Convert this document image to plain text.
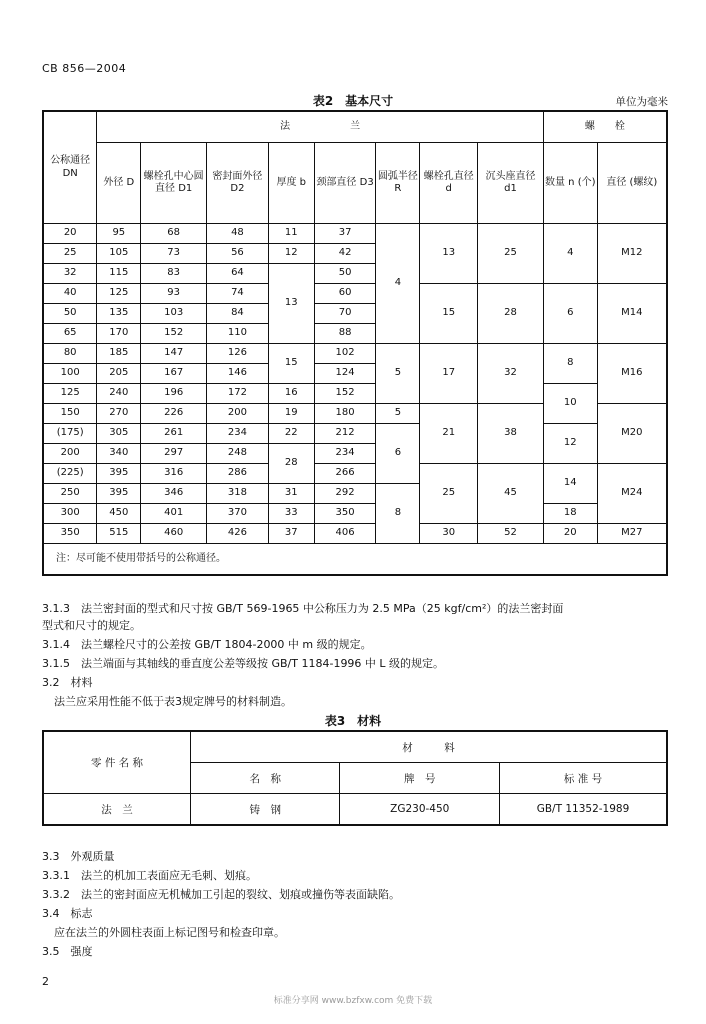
CB 856—2004
表2　基本尺寸	单位为毫米
公称通径 DN	法　　　　　　兰								螺　　栓	
	外径 D	螺栓孔中心圆直径 D1	密封面外径 D2	厚度 b	颈部直径 D3	圆弧半径 R	螺栓孔直径 d	沉头座直径 d1	数量 n (个)	直径 (螺纹)
20	95	68	48	11	37	4	13	25	4	M12
25	105	73	56	12	42					
32	115	83	64	13	50					
40	125	93	74		60		15	28	6	M14
50	135	103	84		70					
65	170	152	110		88					
80	185	147	126	15	102	5	17	32	8	M16
100	205	167	146		124					
125	240	196	172	16	152				10	
150	270	226	200	19	180	5	21	38		M20
(175)	305	261	234	22	212	6			12	
200	340	297	248	28	234					
(225)	395	316	286		266		25	45	14	M24
250	395	346	318	31	292	8				
300	450	401	370	33	350				18	
350	515	460	426	37	406		30	52	20	M27
注：尽可能不使用带括号的公称通径。										
3.1.3　法兰密封面的型式和尺寸按 GB/T 569-1965 中公称压力为 2.5 MPa（25 kgf/cm²）的法兰密封面
型式和尺寸的规定。
3.1.4　法兰螺栓尺寸的公差按 GB/T 1804-2000 中 m 级的规定。
3.1.5　法兰端面与其轴线的垂直度公差等级按 GB/T 1184-1996 中 L 级的规定。
3.2　材料
法兰应采用性能不低于表3规定牌号的材料制造。
表3　材料
零 件 名 称	材　　　料		
	名　称	牌　号	标 准 号
法　兰	铸　钢	ZG230-450	GB/T 11352-1989
3.3　外观质量
3.3.1　法兰的机加工表面应无毛刺、划痕。
3.3.2　法兰的密封面应无机械加工引起的裂纹、划痕或撞伤等表面缺陷。
3.4　标志
应在法兰的外圆柱表面上标记图号和检查印章。
3.5　强度
2
标准分享网 www.bzfxw.com 免费下载
